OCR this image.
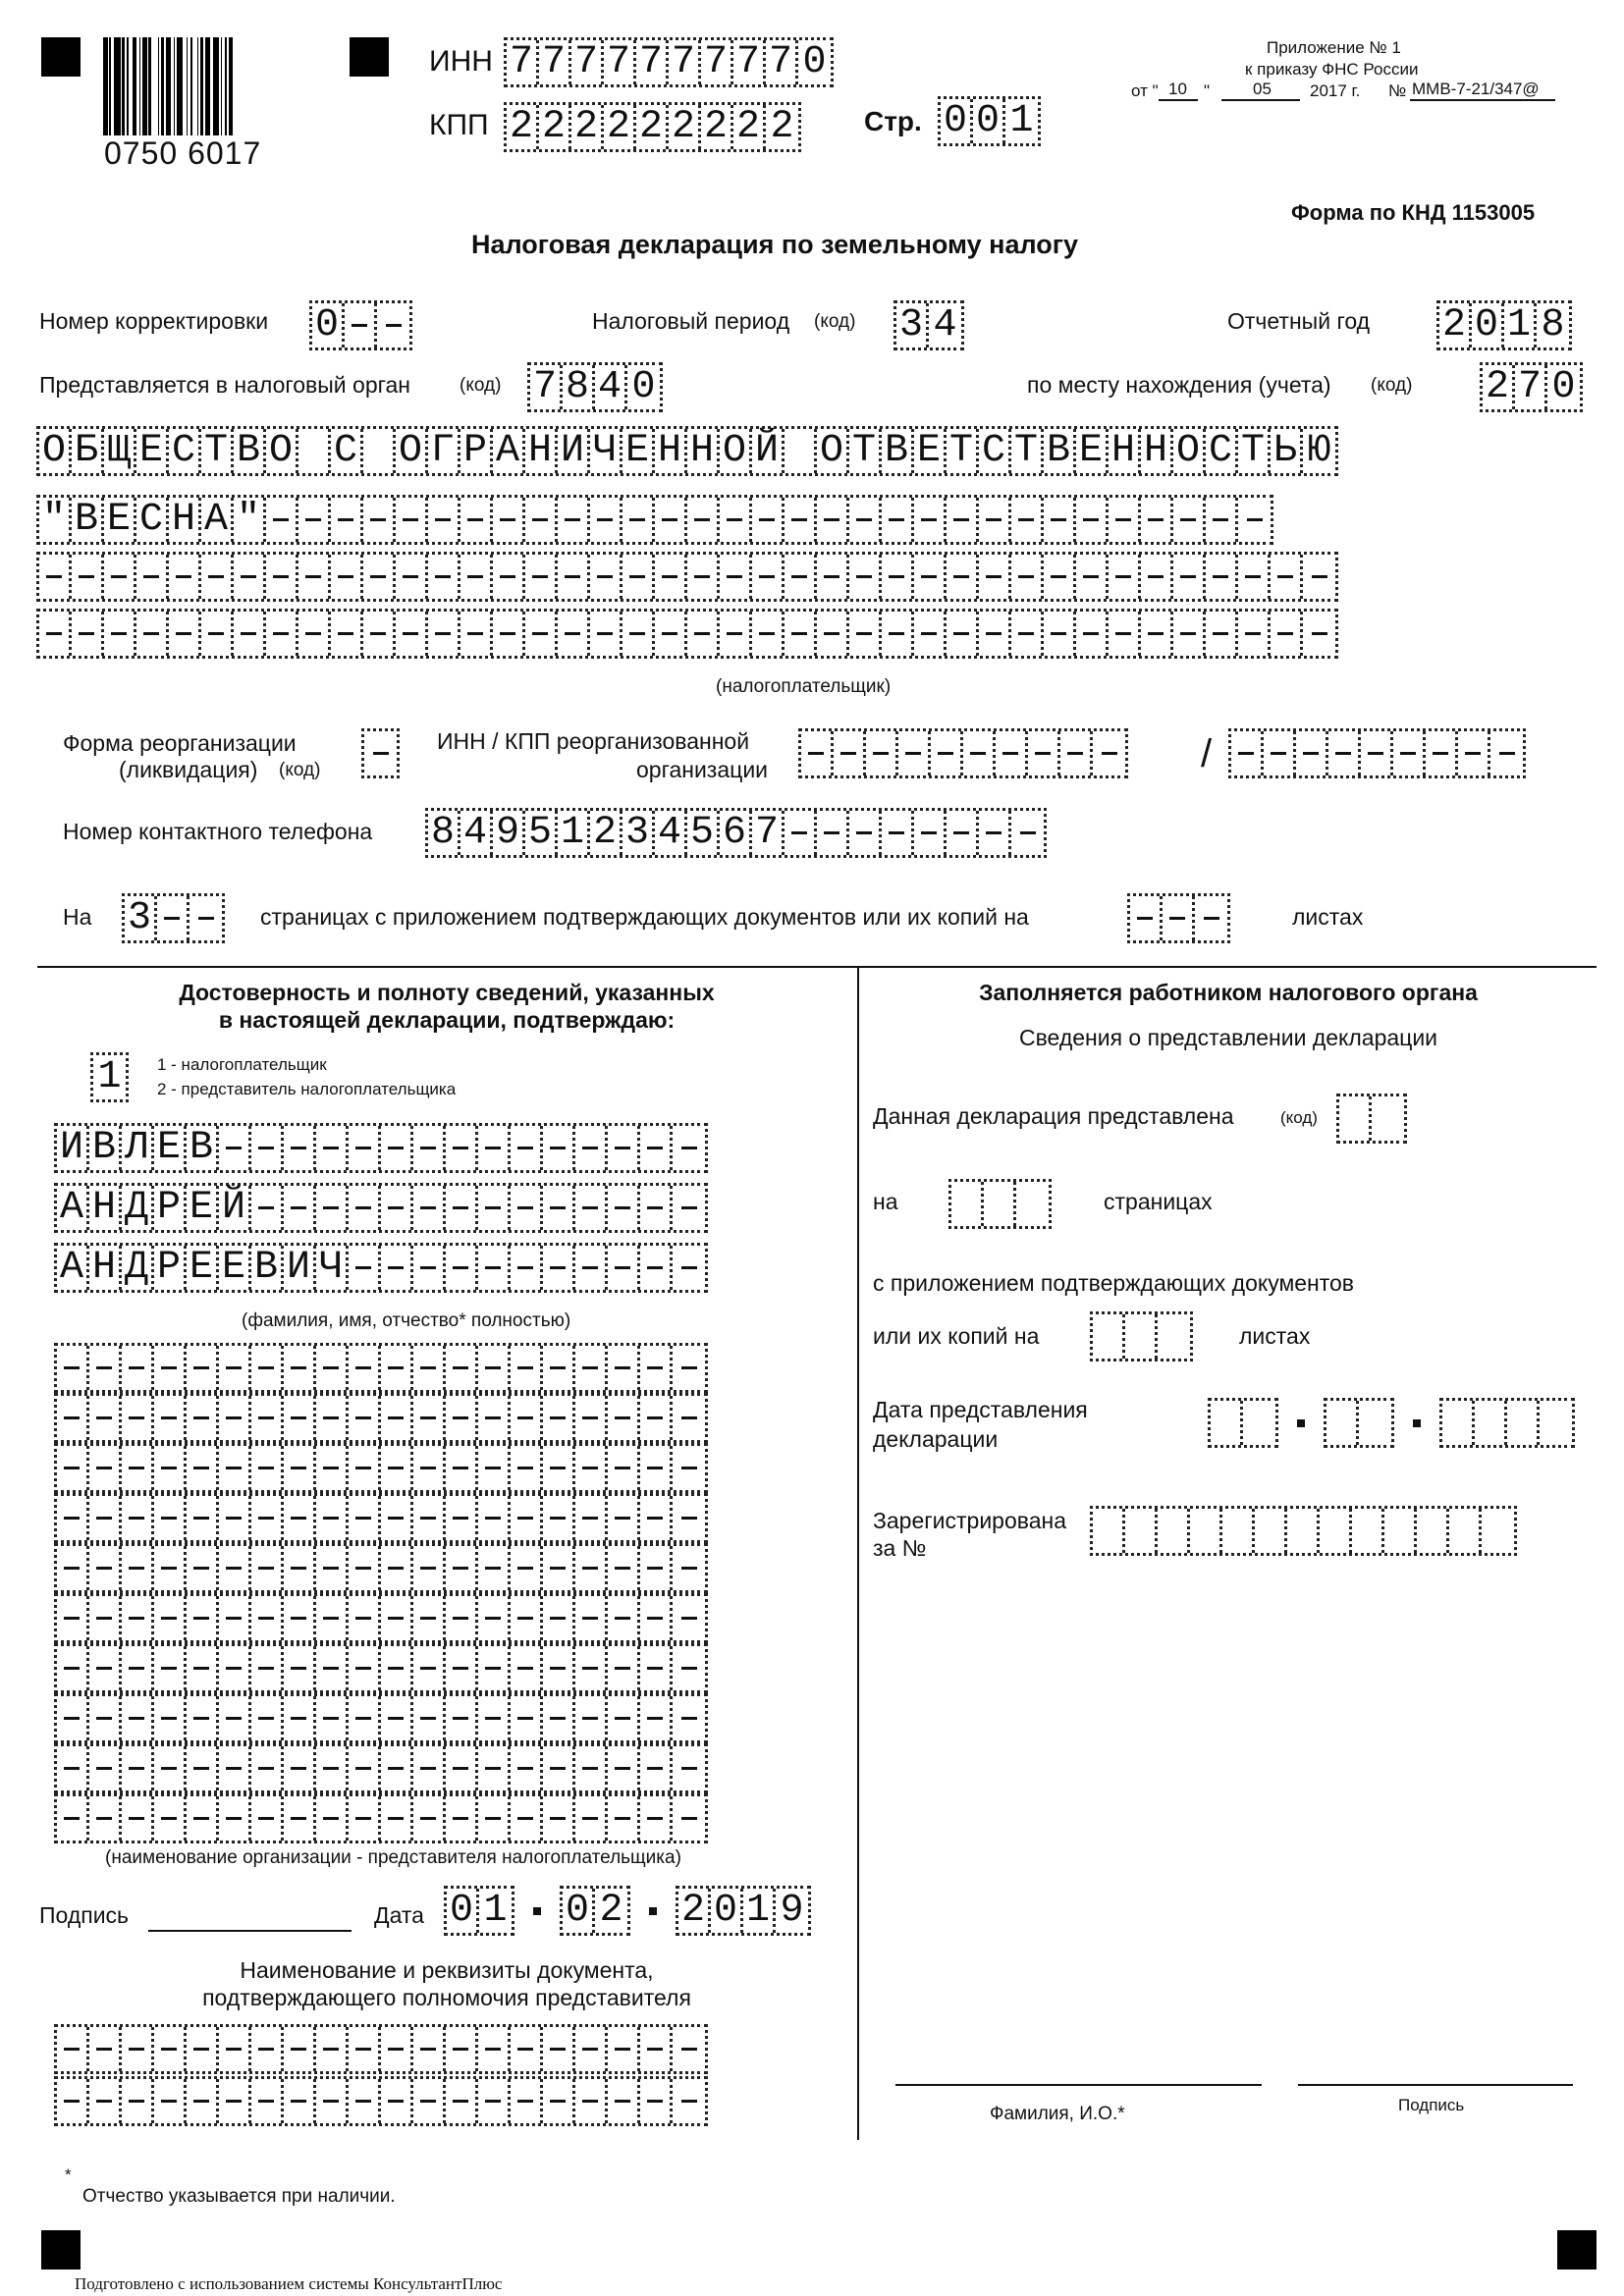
0750 6017
ИНН 7 7 7 7 7 7 7 7 7 0
КПП 2 2 2 2 2 2 2 2 2	Стр. 0 0 1
Приложение № 1
к приказу ФНС России
от " 10 "	05 2017 г. № ММВ-7-21/347@
Форма по КНД 1153005
Налоговая декларация по земельному налогу
Номер корректировки 0	Налоговый период (код) 3 4	Отчетный год 2 0 1 8
Представляется в налоговый орган	(код) 7 8 4 0	по месту нахождения (учета) (код) 2 7 0
О Б Щ Е С Т В О С О Г Р А Н И Ч Е Н Н О Й О Т В Е Т С Т В Е Н Н О С Т Ь Ю
" В Е С Н А "
(налогоплательщик)
Форма реорганизации
(ликвидация) (код)
ИНН / КПП реорганизованной
организации	/
Номер контактного телефона 8 4 9 5 1 2 3 4 5 6 7
На 3	страницах с приложением подтверждающих документов или их копий на	листах
Достоверность и полноту сведений, указанных
в настоящей декларации, подтверждаю:
1 1 - налогоплательщик
2 - представитель налогоплательщика
И В Л Е В
А Н Д Р Е Й
А Н Д Р Е Е В И Ч
(фамилия, имя, отчество* полностью)
(наименование организации - представителя налогоплательщика)
Подпись	Дата 0 1 0 2 2 0 1 9
Наименование и реквизиты документа,
подтверждающего полномочия представителя
Заполняется работником налогового органа
Сведения о представлении декларации
Данная декларация представлена	(код)
на	страницах
с приложением подтверждающих документов
или их копий на	листах
Дата представления
декларации
Зарегистрирована
за №
Фамилия, И.О.*	Подпись
*
Отчество указывается при наличии.
Подготовлено с использованием системы КонсультантПлюс
